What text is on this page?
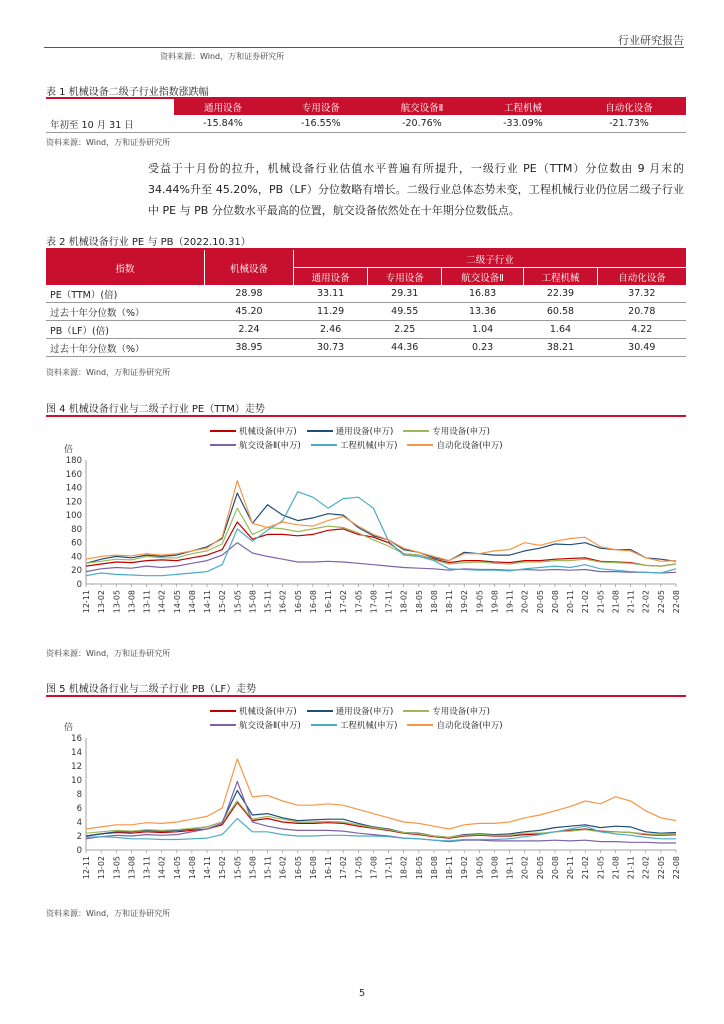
行业研究报告
资料来源：Wind，万和证券研究所
表 1 机械设备二级子行业指数涨跌幅
	通用设备	专用设备	航交设备Ⅱ	工程机械	自动化设备
年初至 10 月 31 日	-15.84%	-16.55%	-20.76%	-33.09%	-21.73%
资料来源：Wind，万和证券研究所

受益于十月份的拉升，机械设备行业估值水平普遍有所提升，一级行业 PE（TTM）分位数由 9 月末的 34.44%升至 45.20%，PB（LF）分位数略有增长。二级行业总体态势未变，工程机械行业仍位居二级子行业中 PE 与 PB 分位数水平最高的位置，航交设备依然处在十年期分位数低点。

表 2 机械设备行业 PE 与 PB（2022.10.31）
指数	机械设备	二级子行业				
		通用设备	专用设备	航交设备Ⅱ	工程机械	自动化设备
PE（TTM）(倍)	28.98	33.11	29.31	16.83	22.39	37.32
过去十年分位数（%）	45.20	11.29	49.55	13.36	60.58	20.78
PB（LF）(倍)	2.24	2.46	2.25	1.04	1.64	4.22
过去十年分位数（%）	38.95	30.73	44.36	0.23	38.21	30.49
资料来源：Wind，万和证券研究所
图 4 机械设备行业与二级子行业 PE（TTM）走势
机械设备(申万)	通用设备(申万)	专用设备(申万)
航交设备Ⅱ(申万)	工程机械(申万)	自动化设备(申万)
倍
0
20
40
60
80
100
120
140
160
180
12-11 13-02 13-05 13-08 13-11 14-02 14-05 14-08 14-11 15-02 15-05 15-08 15-11 16-02 16-05 16-08 16-11 17-02 17-05 17-08 17-11 18-02 18-05 18-08 18-11 19-02 19-05 19-08 19-11 20-02 20-05 20-08 20-11 21-02 21-05 21-08 21-11 22-02 22-05 22-08
资料来源：Wind，万和证券研究所
图 5 机械设备行业与二级子行业 PB（LF）走势
机械设备(申万)	通用设备(申万)	专用设备(申万)
航交设备Ⅱ(申万)	工程机械(申万)	自动化设备(申万)
倍
0
2
4
6
8
10
12
14
16
12-11 13-02 13-05 13-08 13-11 14-02 14-05 14-08 14-11 15-02 15-05 15-08 15-11 16-02 16-05 16-08 16-11 17-02 17-05 17-08 17-11 18-02 18-05 18-08 18-11 19-02 19-05 19-08 19-11 20-02 20-05 20-08 20-11 21-02 21-05 21-08 21-11 22-02 22-05 22-08
资料来源：Wind，万和证券研究所
5
